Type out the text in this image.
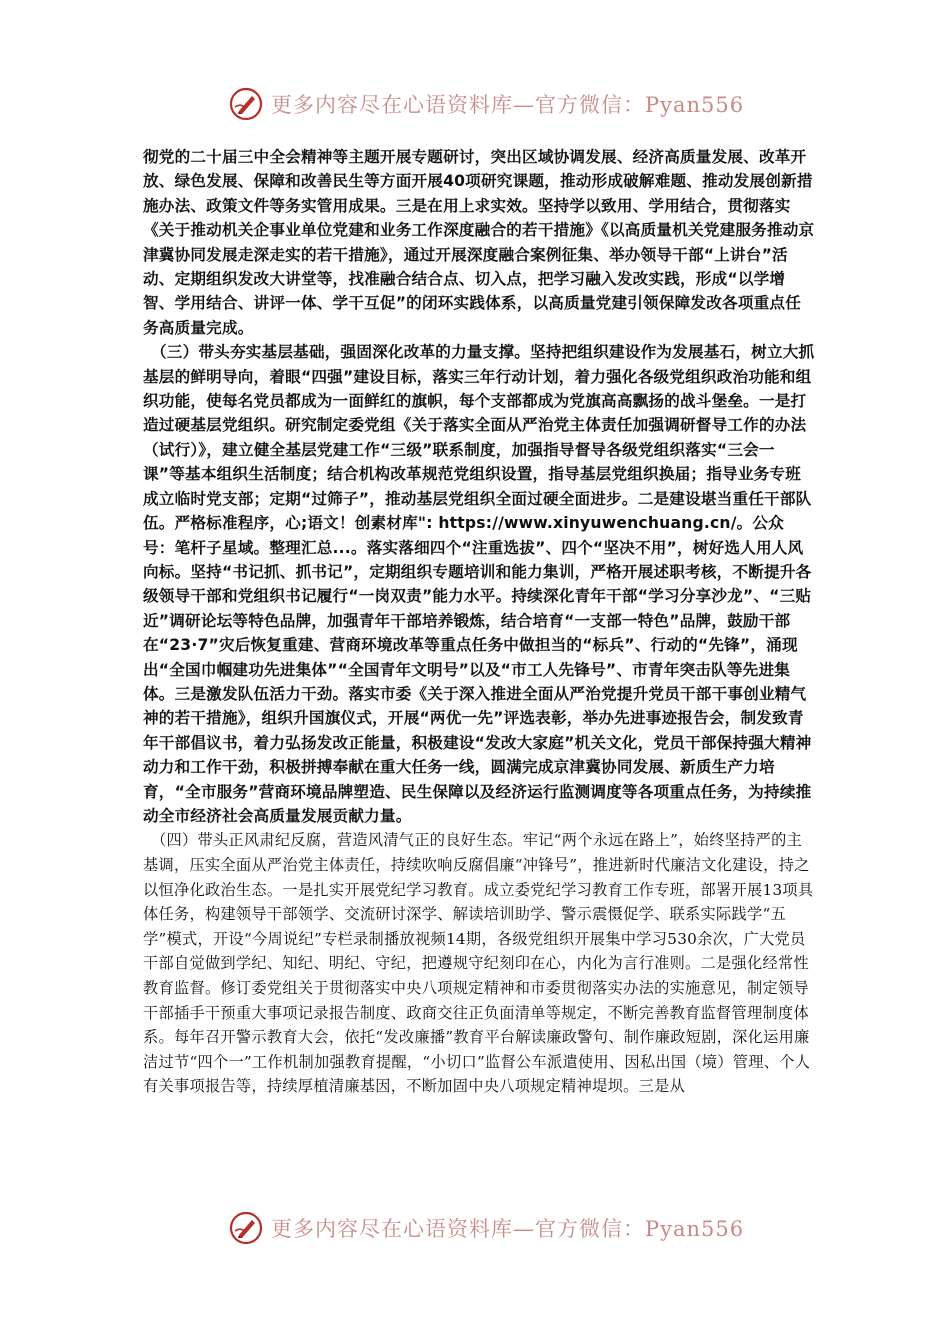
更多内容尽在心语资料库—官方微信：Pyan556

彻党的二十届三中全会精神等主题开展专题研讨，突出区域协调发展、经济高质量发展、改革开放、绿色发展、保障和改善民生等方面开展40项研究课题，推动形成破解难题、推动发展创新措施办法、政策文件等务实管用成果。三是在用上求实效。坚持学以致用、学用结合，贯彻落实《关于推动机关企事业单位党建和业务工作深度融合的若干措施》《以高质量机关党建服务推动京津冀协同发展走深走实的若干措施》，通过开展深度融合案例征集、举办领导干部“上讲台”活动、定期组织发改大讲堂等，找准融合结合点、切入点，把学习融入发改实践，形成“以学增智、学用结合、讲评一体、学干互促”的闭环实践体系，以高质量党建引领保障发改各项重点任务高质量完成。

（三）带头夯实基层基础，强固深化改革的力量支撑。坚持把组织建设作为发展基石，树立大抓基层的鲜明导向，着眼“四强”建设目标，落实三年行动计划，着力强化各级党组织政治功能和组织功能，使每名党员都成为一面鲜红的旗帜，每个支部都成为党旗高高飘扬的战斗堡垒。一是打造过硬基层党组织。研究制定委党组《关于落实全面从严治党主体责任加强调研督导工作的办法（试行）》，建立健全基层党建工作“三级”联系制度，加强指导督导各级党组织落实“三会一课”等基本组织生活制度；结合机构改革规范党组织设置，指导基层党组织换届；指导业务专班成立临时党支部；定期“过筛子”，推动基层党组织全面过硬全面进步。二是建设堪当重任干部队伍。严格标准程序，心;语文！创素材库": https://www.xinyuwenchuang.cn/。公众号：笔杆子星域。整理汇总...。落实落细四个“注重选拔”、四个“坚决不用”，树好选人用人风向标。坚持“书记抓、抓书记”，定期组织专题培训和能力集训，严格开展述职考核，不断提升各级领导干部和党组织书记履行“一岗双责”能力水平。持续深化青年干部“学习分享沙龙”、“三贴近”调研论坛等特色品牌，加强青年干部培养锻炼，结合培育“一支部一特色”品牌，鼓励干部在“23·7”灾后恢复重建、营商环境改革等重点任务中做担当的“标兵”、行动的“先锋”，涌现出“全国巾帼建功先进集体”“全国青年文明号”以及“市工人先锋号”、市青年突击队等先进集体。三是激发队伍活力干劲。落实市委《关于深入推进全面从严治党提升党员干部干事创业精气神的若干措施》，组织升国旗仪式，开展“两优一先”评选表彰，举办先进事迹报告会，制发致青年干部倡议书，着力弘扬发改正能量，积极建设“发改大家庭”机关文化，党员干部保持强大精神动力和工作干劲，积极拼搏奉献在重大任务一线，圆满完成京津冀协同发展、新质生产力培育，“全市服务”营商环境品牌塑造、民生保障以及经济运行监测调度等各项重点任务，为持续推动全市经济社会高质量发展贡献力量。

（四）带头正风肃纪反腐，营造风清气正的良好生态。牢记“两个永远在路上”，始终坚持严的主基调，压实全面从严治党主体责任，持续吹响反腐倡廉“冲锋号”，推进新时代廉洁文化建设，持之以恒净化政治生态。一是扎实开展党纪学习教育。成立委党纪学习教育工作专班，部署开展13项具体任务，构建领导干部领学、交流研讨深学、解读培训助学、警示震慑促学、联系实际践学“五学”模式，开设“今周说纪”专栏录制播放视频14期，各级党组织开展集中学习530余次，广大党员干部自觉做到学纪、知纪、明纪、守纪，把遵规守纪刻印在心，内化为言行准则。二是强化经常性教育监督。修订委党组关于贯彻落实中央八项规定精神和市委贯彻落实办法的实施意见，制定领导干部插手干预重大事项记录报告制度、政商交往正负面清单等规定，不断完善教育监督管理制度体系。每年召开警示教育大会，依托“发改廉播”教育平台解读廉政警句、制作廉政短剧，深化运用廉洁过节“四个一”工作机制加强教育提醒，“小切口”监督公车派遣使用、因私出国（境）管理、个人有关事项报告等，持续厚植清廉基因，不断加固中央八项规定精神堤坝。三是从

更多内容尽在心语资料库—官方微信：Pyan556
